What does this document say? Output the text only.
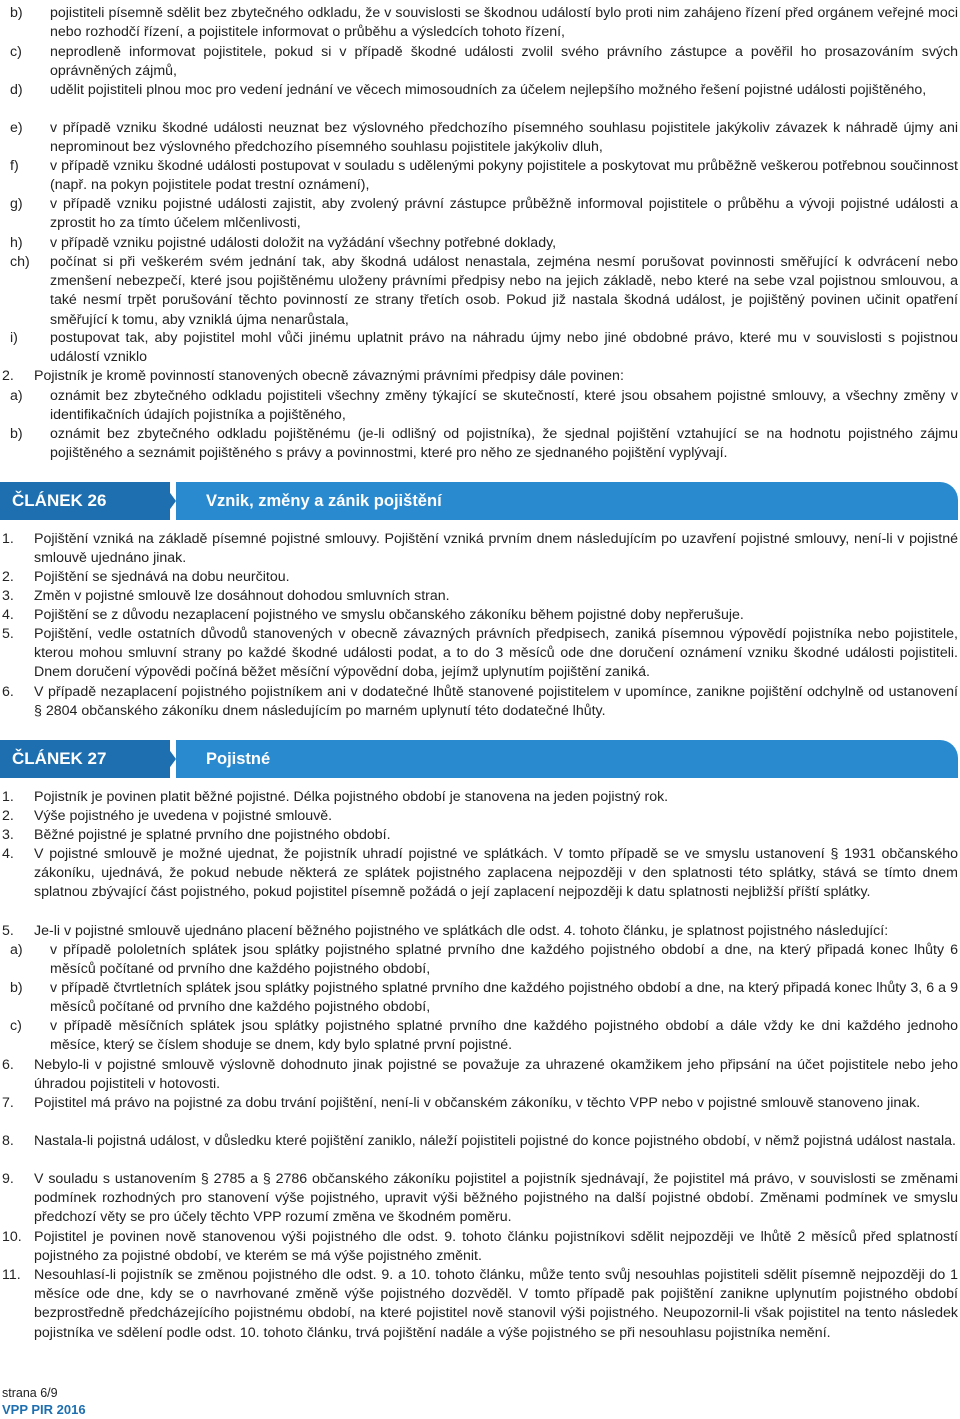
b)	pojistiteli písemně sdělit bez zbytečného odkladu, že v souvislosti se škodnou událostí bylo proti nim zahájeno řízení před orgánem veřejné moci nebo rozhodčí řízení, a pojistitele informovat o průběhu a výsledcích tohoto řízení,
c)	neprodleně informovat pojistitele, pokud si v případě škodné události zvolil svého právního zástupce a pověřil ho prosazováním svých oprávněných zájmů,
d)	udělit pojistiteli plnou moc pro vedení jednání ve věcech mimosoudních za účelem nejlepšího možného řešení pojistné události pojištěného,
e)	v případě vzniku škodné události neuznat bez výslovného předchozího písemného souhlasu pojistitele jakýkoliv závazek k náhradě újmy ani neprominout bez výslovného předchozího písemného souhlasu pojistitele jakýkoliv dluh,
f)	v případě vzniku škodné události postupovat v souladu s udělenými pokyny pojistitele a poskytovat mu průběžně veškerou potřebnou součinnost (např. na pokyn pojistitele podat trestní oznámení),
g)	v případě vzniku pojistné události zajistit, aby zvolený právní zástupce průběžně informoval pojistitele o průběhu a vývoji pojistné události a zprostit ho za tímto účelem mlčenlivosti,
h)	v případě vzniku pojistné události doložit na vyžádání všechny potřebné doklady,
ch)	počínat si při veškerém svém jednání tak, aby škodná událost nenastala, zejména nesmí porušovat povinnosti směřující k odvrácení nebo zmenšení nebezpečí, které jsou pojištěnému uloženy právními předpisy nebo na jejich základě, nebo které na sebe vzal pojistnou smlouvou, a také nesmí trpět porušování těchto povinností ze strany třetích osob. Pokud již nastala škodná událost, je pojištěný povinen učinit opatření směřující k tomu, aby vzniklá újma nenarůstala,
i)	postupovat tak, aby pojistitel mohl vůči jinému uplatnit právo na náhradu újmy nebo jiné obdobné právo, které mu v souvislosti s pojistnou událostí vzniklo
2.	Pojistník je kromě povinností stanovených obecně závaznými právními předpisy dále povinen:
a)	oznámit bez zbytečného odkladu pojistiteli všechny změny týkající se skutečností, které jsou obsahem pojistné smlouvy, a všechny změny v identifikačních údajích pojistníka a pojištěného,
b)	oznámit bez zbytečného odkladu pojištěnému (je-li odlišný od pojistníka), že sjednal pojištění vztahující se na hodnotu pojistného zájmu pojištěného a seznámit pojištěného s právy a povinnostmi, které pro něho ze sjednaného pojištění vyplývají.
ČLÁNEK 26	Vznik, změny a zánik pojištění
1.	Pojištění vzniká na základě písemné pojistné smlouvy. Pojištění vzniká prvním dnem následujícím po uzavření pojistné smlouvy, není-li v pojistné smlouvě ujednáno jinak.
2.	Pojištění se sjednává na dobu neurčitou.
3.	Změn v pojistné smlouvě lze dosáhnout dohodou smluvních stran.
4.	Pojištění se z důvodu nezaplacení pojistného ve smyslu občanského zákoníku během pojistné doby nepřerušuje.
5.	Pojištění, vedle ostatních důvodů stanovených v obecně závazných právních předpisech, zaniká písemnou výpovědí pojistníka nebo pojistitele, kterou mohou smluvní strany po každé škodné události podat, a to do 3 měsíců ode dne doručení oznámení vzniku škodné události pojistiteli. Dnem doručení výpovědi počíná běžet měsíční výpovědní doba, jejímž uplynutím pojištění zaniká.
6.	V případě nezaplacení pojistného pojistníkem ani v dodatečné lhůtě stanovené pojistitelem v upomínce, zanikne pojištění odchylně od ustanovení § 2804 občanského zákoníku dnem následujícím po marném uplynutí této dodatečné lhůty.
ČLÁNEK 27	Pojistné
1.	Pojistník je povinen platit běžné pojistné. Délka pojistného období je stanovena na jeden pojistný rok.
2.	Výše pojistného je uvedena v pojistné smlouvě.
3.	Běžné pojistné je splatné prvního dne pojistného období.
4.	V pojistné smlouvě je možné ujednat, že pojistník uhradí pojistné ve splátkách. V tomto případě se ve smyslu ustanovení § 1931 občanského zákoníku, ujednává, že pokud nebude některá ze splátek pojistného zaplacena nejpozději v den splatnosti této splátky, stává se tímto dnem splatnou zbývající část pojistného, pokud pojistitel písemně požádá o její zaplacení nejpozději k datu splatnosti nejbližší příští splátky.
5.	Je-li v pojistné smlouvě ujednáno placení běžného pojistného ve splátkách dle odst. 4. tohoto článku, je splatnost pojistného následující:
a)	v případě pololetních splátek jsou splátky pojistného splatné prvního dne každého pojistného období a dne, na který připadá konec lhůty 6 měsíců počítané od prvního dne každého pojistného období,
b)	v případě čtvrtletních splátek jsou splátky pojistného splatné prvního dne každého pojistného období a dne, na který připadá konec lhůty 3, 6 a 9 měsíců počítané od prvního dne každého pojistného období,
c)	v případě měsíčních splátek jsou splátky pojistného splatné prvního dne každého pojistného období a dále vždy ke dni každého jednoho měsíce, který se číslem shoduje se dnem, kdy bylo splatné první pojistné.
6.	Nebylo-li v pojistné smlouvě výslovně dohodnuto jinak pojistné se považuje za uhrazené okamžikem jeho připsání na účet pojistitele nebo jeho úhradou pojistiteli v hotovosti.
7.	Pojistitel má právo na pojistné za dobu trvání pojištění, není-li v občanském zákoníku, v těchto VPP nebo v pojistné smlouvě stanoveno jinak.
8.	Nastala-li pojistná událost, v důsledku které pojištění zaniklo, náleží pojistiteli pojistné do konce pojistného období, v němž pojistná událost nastala.
9.	V souladu s ustanovením § 2785 a § 2786 občanského zákoníku pojistitel a pojistník sjednávají, že pojistitel má právo, v souvislosti se změnami podmínek rozhodných pro stanovení výše pojistného, upravit výši běžného pojistného na další pojistné období. Změnami podmínek ve smyslu předchozí věty se pro účely těchto VPP rozumí změna ve škodném poměru.
10. Pojistitel je povinen nově stanovenou výši pojistného dle odst. 9. tohoto článku pojistníkovi sdělit nejpozději ve lhůtě 2 měsíců před splatností pojistného za pojistné období, ve kterém se má výše pojistného změnit.
11. Nesouhlasí-li pojistník se změnou pojistného dle odst. 9. a 10. tohoto článku, může tento svůj nesouhlas pojistiteli sdělit písemně nejpozději do 1 měsíce ode dne, kdy se o navrhované změně výše pojistného dozvěděl. V tomto případě pak pojištění zanikne uplynutím pojistného období bezprostředně předcházejícího pojistnému období, na které pojistitel nově stanovil výši pojistného. Neupozornil-li však pojistitel na tento následek pojistníka ve sdělení podle odst. 10. tohoto článku, trvá pojištění nadále a výše pojistného se při nesouhlasu pojistníka nemění.
strana 6/9
VPP PIR 2016
